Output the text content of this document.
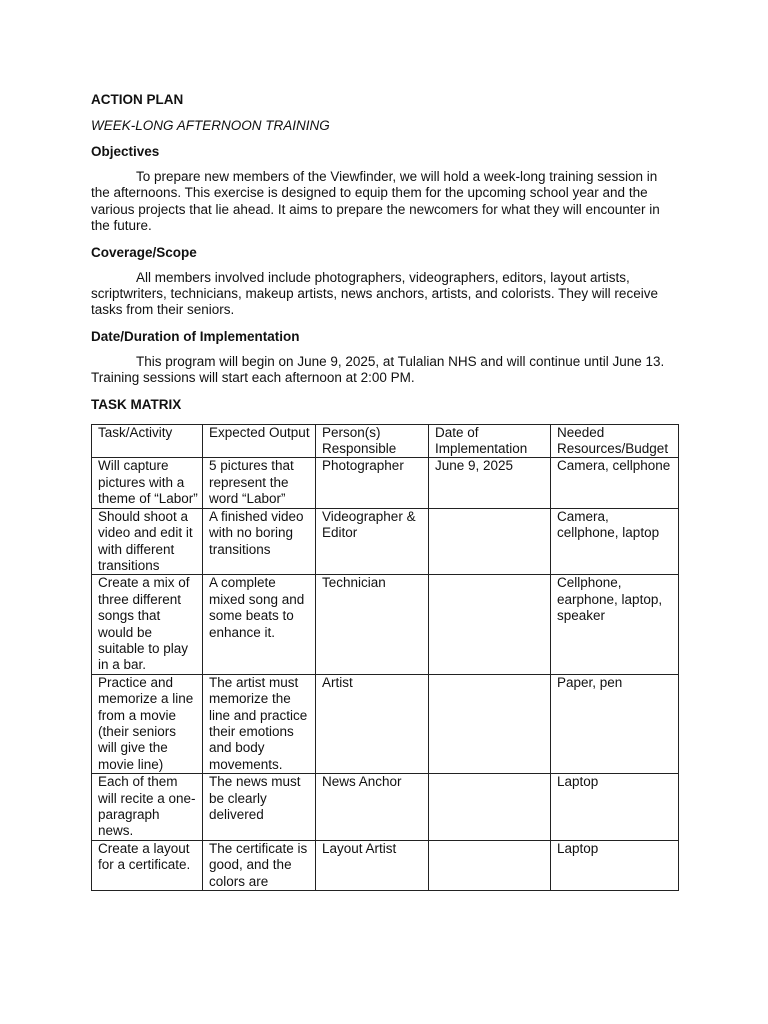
ACTION PLAN

WEEK-LONG AFTERNOON TRAINING

Objectives

To prepare new members of the Viewfinder, we will hold a week-long training session in the afternoons. This exercise is designed to equip them for the upcoming school year and the various projects that lie ahead. It aims to prepare the newcomers for what they will encounter in the future.

Coverage/Scope

All members involved include photographers, videographers, editors, layout artists, scriptwriters, technicians, makeup artists, news anchors, artists, and colorists. They will receive tasks from their seniors.

Date/Duration of Implementation

This program will begin on June 9, 2025, at Tulalian NHS and will continue until June 13. Training sessions will start each afternoon at 2:00 PM.

TASK MATRIX

Task/Activity	Expected Output	Person(s) Responsible	Date of Implementation	Needed Resources/Budget
Will capture pictures with a theme of “Labor”	5 pictures that represent the word “Labor”	Photographer	June 9, 2025	Camera, cellphone
Should shoot a video and edit it with different transitions	A finished video with no boring transitions	Videographer & Editor		Camera, cellphone, laptop
Create a mix of three different songs that would be suitable to play in a bar.	A complete mixed song and some beats to enhance it.	Technician		Cellphone, earphone, laptop, speaker
Practice and memorize a line from a movie (their seniors will give the movie line)	The artist must memorize the line and practice their emotions and body movements.	Artist		Paper, pen
Each of them will recite a one-paragraph news.	The news must be clearly delivered	News Anchor		Laptop
Create a layout for a certificate.	The certificate is good, and the colors are	Layout Artist		Laptop
